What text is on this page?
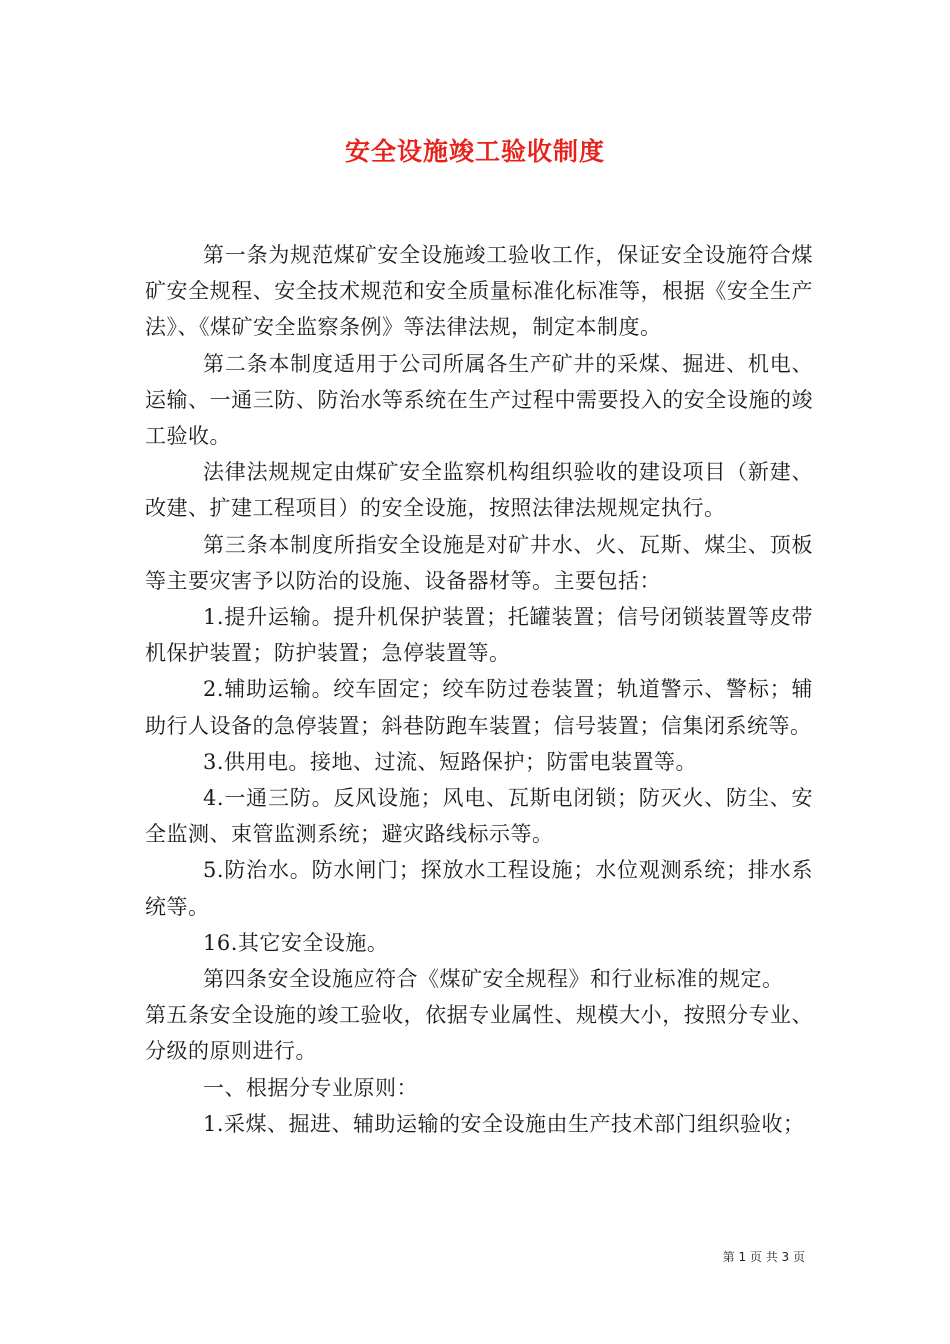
安全设施竣工验收制度

第一条为规范煤矿安全设施竣工验收工作，保证安全设施符合煤矿安全规程、安全技术规范和安全质量标准化标准等，根据《安全生产法》、《煤矿安全监察条例》等法律法规，制定本制度。

第二条本制度适用于公司所属各生产矿井的采煤、掘进、机电、运输、一通三防、防治水等系统在生产过程中需要投入的安全设施的竣工验收。

法律法规规定由煤矿安全监察机构组织验收的建设项目（新建、改建、扩建工程项目）的安全设施，按照法律法规规定执行。

第三条本制度所指安全设施是对矿井水、火、瓦斯、煤尘、顶板等主要灾害予以防治的设施、设备器材等。主要包括：

1.提升运输。提升机保护装置；托罐装置；信号闭锁装置等皮带机保护装置；防护装置；急停装置等。

2.辅助运输。绞车固定；绞车防过卷装置；轨道警示、警标；辅助行人设备的急停装置；斜巷防跑车装置；信号装置；信集闭系统等。

3.供用电。接地、过流、短路保护；防雷电装置等。

4.一通三防。反风设施；风电、瓦斯电闭锁；防灭火、防尘、安全监测、束管监测系统；避灾路线标示等。

5.防治水。防水闸门；探放水工程设施；水位观测系统；排水系统等。

16.其它安全设施。

第四条安全设施应符合《煤矿安全规程》和行业标准的规定。

第五条安全设施的竣工验收，依据专业属性、规模大小，按照分专业、分级的原则进行。

一、根据分专业原则：

1.采煤、掘进、辅助运输的安全设施由生产技术部门组织验收；

第 1 页 共 3 页
